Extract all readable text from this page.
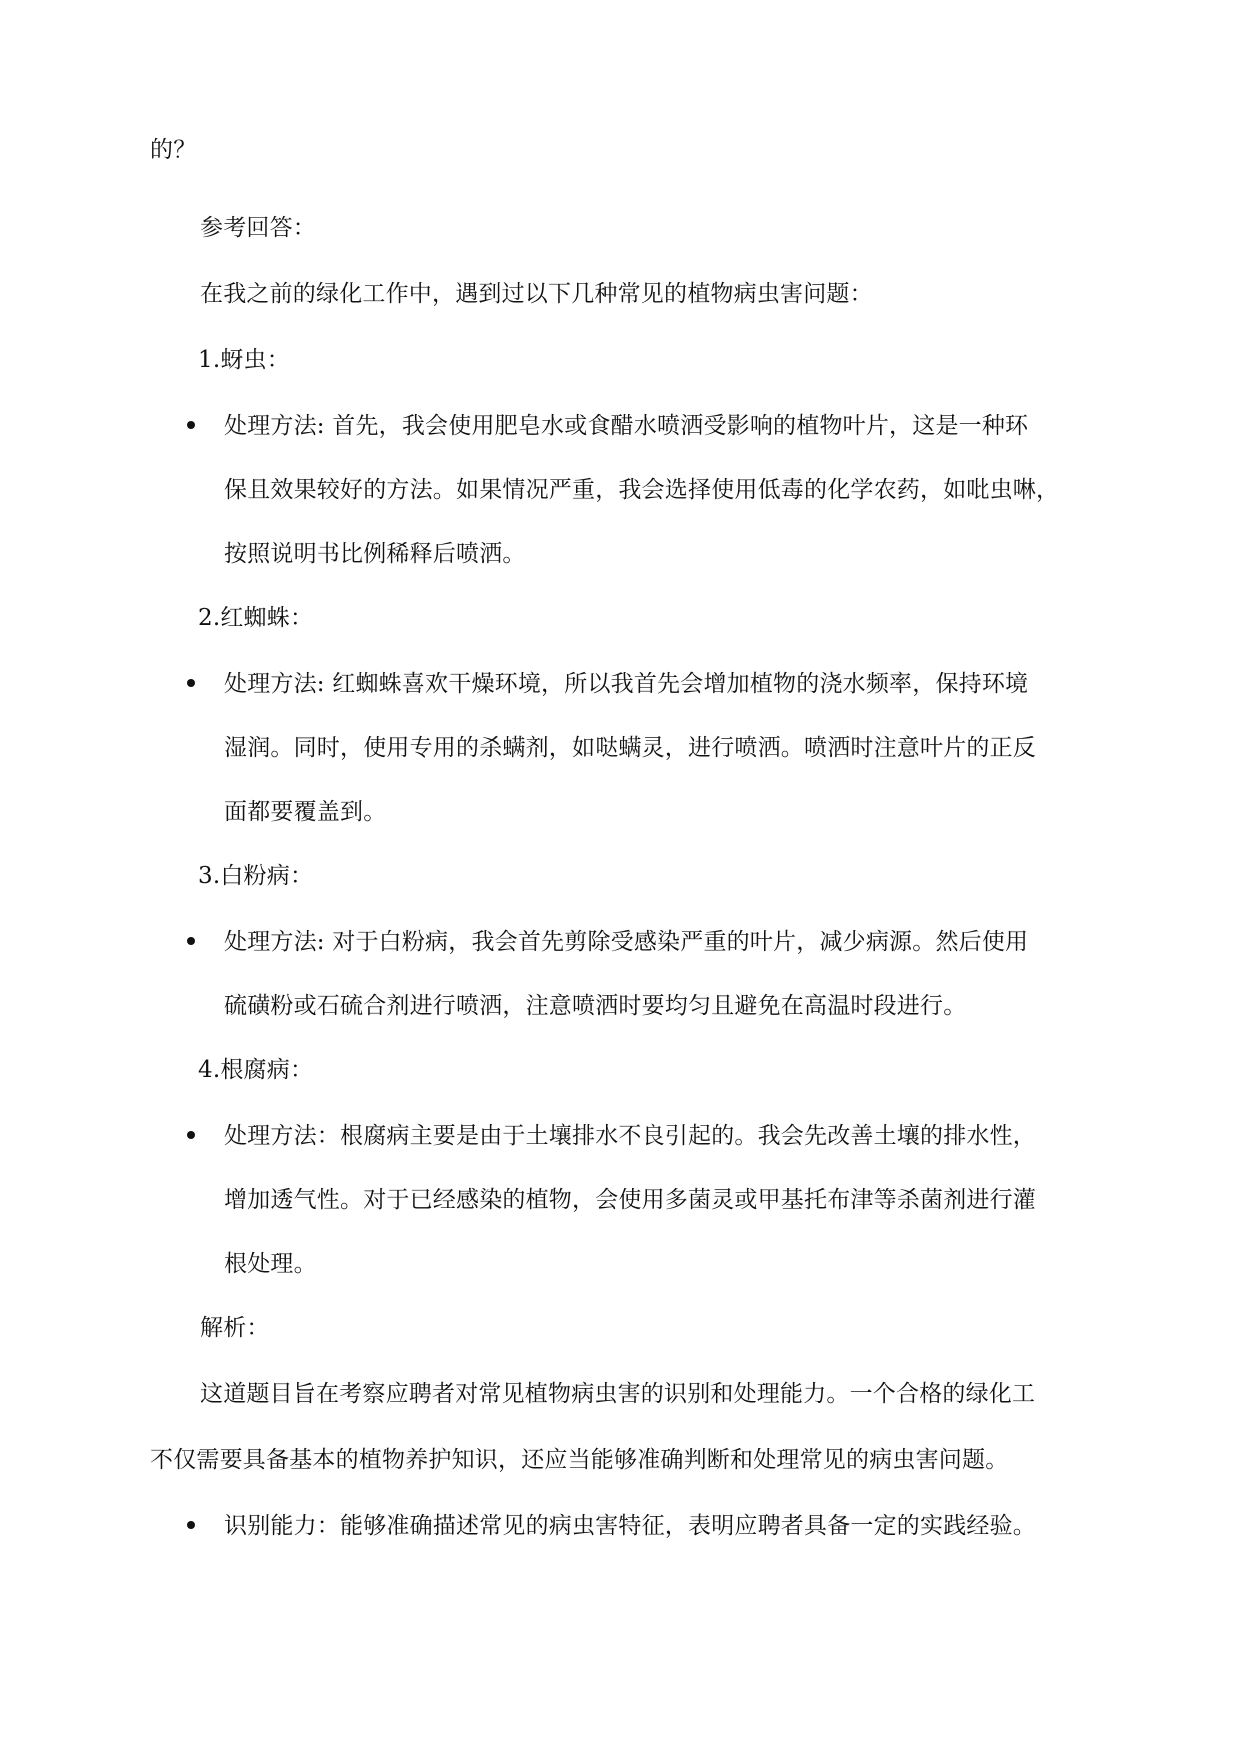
的？
参考回答：
在我之前的绿化工作中，遇到过以下几种常见的植物病虫害问题：
1.蚜虫：
处理方法: 首先，我会使用肥皂水或食醋水喷洒受影响的植物叶片，这是一种环
保且效果较好的方法。如果情况严重，我会选择使用低毒的化学农药，如吡虫啉，
按照说明书比例稀释后喷洒。
2.红蜘蛛：
处理方法: 红蜘蛛喜欢干燥环境，所以我首先会增加植物的浇水频率，保持环境
湿润。同时，使用专用的杀螨剂，如哒螨灵，进行喷洒。喷洒时注意叶片的正反
面都要覆盖到。
3.白粉病：
处理方法: 对于白粉病，我会首先剪除受感染严重的叶片，减少病源。然后使用
硫磺粉或石硫合剂进行喷洒，注意喷洒时要均匀且避免在高温时段进行。
4.根腐病：
处理方法：根腐病主要是由于土壤排水不良引起的。我会先改善土壤的排水性，
增加透气性。对于已经感染的植物，会使用多菌灵或甲基托布津等杀菌剂进行灌
根处理。
解析：
这道题目旨在考察应聘者对常见植物病虫害的识别和处理能力。一个合格的绿化工
不仅需要具备基本的植物养护知识，还应当能够准确判断和处理常见的病虫害问题。
识别能力：能够准确描述常见的病虫害特征，表明应聘者具备一定的实践经验。
